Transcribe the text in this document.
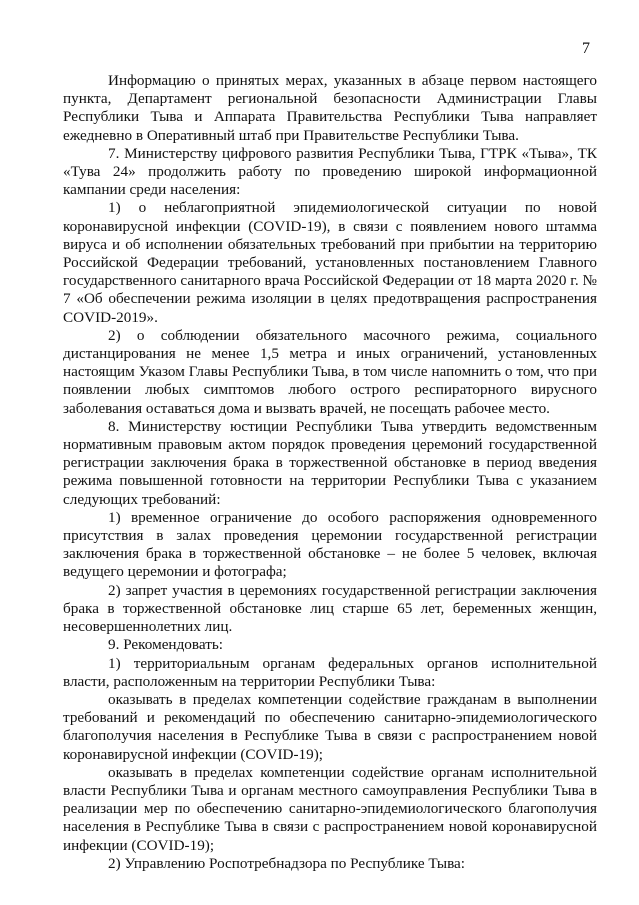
7

Информацию о принятых мерах, указанных в абзаце первом настоящего пункта, Департамент региональной безопасности Администрации Главы Республики Тыва и Аппарата Правительства Республики Тыва направляет ежедневно в Оперативный штаб при Правительстве Республики Тыва.

7. Министерству цифрового развития Республики Тыва, ГТРК «Тыва», ТК «Тува 24» продолжить работу по проведению широкой информационной кампании среди населения:

1) о неблагоприятной эпидемиологической ситуации по новой коронавирусной инфекции (COVID-19), в связи с появлением нового штамма вируса и об исполнении обязательных требований при прибытии на территорию Российской Федерации требований, установленных постановлением Главного государственного санитарного врача Российской Федерации от 18 марта 2020 г. № 7 «Об обеспечении режима изоляции в целях предотвращения распространения COVID-2019».

2) о соблюдении обязательного масочного режима, социального дистанцирования не менее 1,5 метра и иных ограничений, установленных настоящим Указом Главы Республики Тыва, в том числе напомнить о том, что при появлении любых симптомов любого острого респираторного вирусного заболевания оставаться дома и вызвать врачей, не посещать рабочее место.

8. Министерству юстиции Республики Тыва утвердить ведомственным нормативным правовым актом порядок проведения церемоний государственной регистрации заключения брака в торжественной обстановке в период введения режима повышенной готовности на территории Республики Тыва с указанием следующих требований:

1) временное ограничение до особого распоряжения одновременного присутствия в залах проведения церемонии государственной регистрации заключения брака в торжественной обстановке – не более 5 человек, включая ведущего церемонии и фотографа;

2) запрет участия в церемониях государственной регистрации заключения брака в торжественной обстановке лиц старше 65 лет, беременных женщин, несовершеннолетних лиц.

9. Рекомендовать:

1) территориальным органам федеральных органов исполнительной власти, расположенным на территории Республики Тыва:

оказывать в пределах компетенции содействие гражданам в выполнении требований и рекомендаций по обеспечению санитарно-эпидемиологического благополучия населения в Республике Тыва в связи с распространением новой коронавирусной инфекции (COVID-19);

оказывать в пределах компетенции содействие органам исполнительной власти Республики Тыва и органам местного самоуправления Республики Тыва в реализации мер по обеспечению санитарно-эпидемиологического благополучия населения в Республике Тыва в связи с распространением новой коронавирусной инфекции (COVID-19);

2) Управлению Роспотребнадзора по Республике Тыва:
